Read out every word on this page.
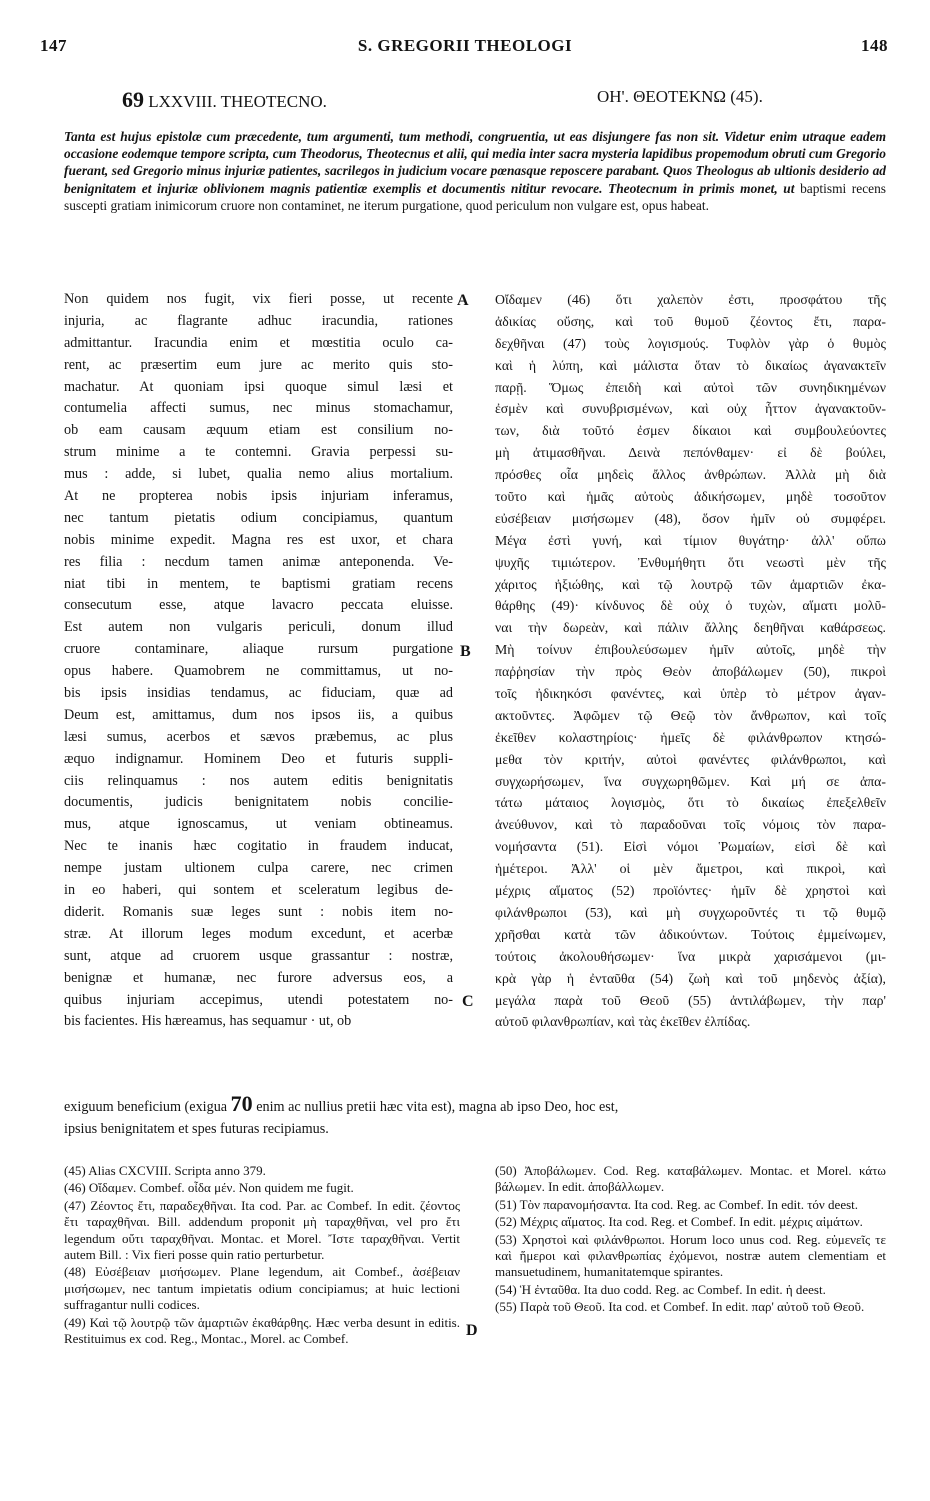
147	S. GREGORII THEOLOGI	148
69 LXXVIII. THEOTECNO.	ΟΗ'. ΘΕΟΤΕΚΝΩ (45).
Tanta est hujus epistolæ cum præcedente, tum argumenti, tum methodi, congruentia, ut eas disjungere fas non sit. Videtur enim utraque eadem occasione eodemque tempore scripta, cum Theodorus, Theotecnus et alii, qui media inter sacra mysteria lapidibus propemodum obruti cum Gregorio fuerant, sed Gregorio minus injuriæ patientes, sacrilegos in judicium vocare pœnasque reposcere parabant. Quos Theologus ab ultionis desiderio ad benignitatem et injuriæ oblivionem magnis patientiæ exemplis et documentis nititur revocare. Theotecnum in primis monet, ut baptismi recens suscepti gratiam inimicorum cruore non contaminet, ne iterum purgatione, quod periculum non vulgare est, opus habeat.
Non quidem nos fugit, vix fieri posse, ut recente
injuria, ac flagrante adhuc iracundia, rationes
admittantur. Iracundia enim et mœstitia oculo ca-
rent, ac præsertim eum jure ac merito quis sto-
machatur. At quoniam ipsi quoque simul læsi et
contumelia affecti sumus, nec minus stomachamur,
ob eam causam æquum etiam est consilium no-
strum minime a te contemni. Gravia perpessi su-
mus : adde, si lubet, qualia nemo alius mortalium.
At ne propterea nobis ipsis injuriam inferamus,
nec tantum pietatis odium concipiamus, quantum
nobis minime expedit. Magna res est uxor, et chara
res filia : necdum tamen animæ anteponenda. Ve-
niat tibi in mentem, te baptismi gratiam recens
consecutum esse, atque lavacro peccata eluisse.
Est autem non vulgaris periculi, donum illud
cruore contaminare, aliaque rursum purgatione
opus habere. Quamobrem ne committamus, ut no-
bis ipsis insidias tendamus, ac fiduciam, quæ ad
Deum est, amittamus, dum nos ipsos iis, a quibus
læsi sumus, acerbos et sævos præbemus, ac plus
æquo indignamur. Hominem Deo et futuris suppli-
ciis relinquamus : nos autem editis benignitatis
documentis, judicis benignitatem nobis concilie-
mus, atque ignoscamus, ut veniam obtineamus.
Nec te inanis hæc cogitatio in fraudem inducat,
nempe justam ultionem culpa carere, nec crimen
in eo haberi, qui sontem et sceleratum legibus de-
diderit. Romanis suæ leges sunt : nobis item no-
stræ. At illorum leges modum excedunt, et acerbæ
sunt, atque ad cruorem usque grassantur : nostræ,
benignæ et humanæ, nec furore adversus eos, a
quibus injuriam accepimus, utendi potestatem no-
bis facientes. His hæreamus, has sequamur · ut, ob
A
B
C
D
Οἴδαμεν (46) ὅτι χαλεπὸν ἐστι, προσφάτου τῆς
ἀδικίας οὔσης, καὶ τοῦ θυμοῦ ζέοντος ἔτι, παρα-
δεχθῆναι (47) τοὺς λογισμούς. Τυφλὸν γὰρ ὁ θυμὸς
καὶ ἡ λύπη, καὶ μάλιστα ὅταν τὸ δικαίως ἀγανακτεῖν
παρῇ. Ὅμως ἐπειδὴ καὶ αὐτοὶ τῶν συνηδικημένων
ἐσμὲν καὶ συνυβρισμένων, καὶ οὐχ ἧττον ἀγανακτοῦν-
των, διὰ τοῦτό ἐσμεν δίκαιοι καὶ συμβουλεύοντες
μὴ ἀτιμασθῆναι. Δεινὰ πεπόνθαμεν· εἰ δὲ βούλει,
πρόσθες οἷα μηδεὶς ἄλλος ἀνθρώπων. Ἀλλὰ μὴ διὰ
τοῦτο καὶ ἡμᾶς αὐτοὺς ἀδικήσωμεν, μηδὲ τοσοῦτον
εὐσέβειαν μισήσωμεν (48), ὅσον ἡμῖν οὐ συμφέρει.
Μέγα ἐστὶ γυνή, καὶ τίμιον θυγάτηρ· ἀλλ' οὔπω
ψυχῆς τιμιώτερον. Ἐνθυμήθητι ὅτι νεωστὶ μὲν τῆς
χάριτος ἠξιώθης, καὶ τῷ λουτρῷ τῶν ἁμαρτιῶν ἐκα-
θάρθης (49)· κίνδυνος δὲ οὐχ ὁ τυχὼν, αἵματι μολῦ-
ναι τὴν δωρεὰν, καὶ πάλιν ἄλλης δεηθῆναι καθάρσεως.
Μὴ τοίνυν ἐπιβουλεύσωμεν ἡμῖν αὐτοῖς, μηδὲ τὴν
παῤῥησίαν τὴν πρὸς Θεὸν ἀποβάλωμεν (50), πικροὶ
τοῖς ἠδικηκόσι φανέντες, καὶ ὑπὲρ τὸ μέτρον ἀγαν-
ακτοῦντες. Ἀφῶμεν τῷ Θεῷ τὸν ἄνθρωπον, καὶ τοῖς
ἐκεῖθεν κολαστηρίοις· ἡμεῖς δὲ φιλάνθρωπον κτησώ-
μεθα τὸν κριτήν, αὐτοὶ φανέντες φιλάνθρωποι, καὶ
συγχωρήσωμεν, ἵνα συγχωρηθῶμεν. Καὶ μή σε ἀπα-
τάτω μάταιος λογισμὸς, ὅτι τὸ δικαίως ἐπεξελθεῖν
ἀνεύθυνον, καὶ τὸ παραδοῦναι τοῖς νόμοις τὸν παρα-
νομήσαντα (51). Εἰσὶ νόμοι Ῥωμαίων, εἰσὶ δὲ καὶ
ἡμέτεροι. Ἀλλ' οἱ μὲν ἄμετροι, καὶ πικροὶ, καὶ
μέχρις αἵματος (52) προϊόντες· ἡμῖν δὲ χρηστοὶ καὶ
φιλάνθρωποι (53), καὶ μὴ συγχωροῦντές τι τῷ θυμῷ
χρῆσθαι κατὰ τῶν ἀδικούντων. Τούτοις ἐμμείνωμεν,
τούτοις ἀκολουθήσωμεν· ἵνα μικρὰ χαρισάμενοι (μι-
κρὰ γὰρ ἡ ἐνταῦθα (54) ζωὴ καὶ τοῦ μηδενὸς ἀξία),
μεγάλα παρὰ τοῦ Θεοῦ (55) ἀντιλάβωμεν, τὴν παρ'
αὐτοῦ φιλανθρωπίαν, καὶ τὰς ἐκεῖθεν ἐλπίδας.
exiguum beneficium (exigua 70 enim ac nullius pretii hæc vita est), magna ab ipso Deo, hoc est,
ipsius benignitatem et spes futuras recipiamus.

(45) Alias CXCVIII. Scripta anno 379.

(46) Οἴδαμεν. Combef. οἶδα μέν. Non quidem me fugit.

(47) Ζέοντος ἔτι, παραδεχθῆναι. Ita cod. Par. ac Combef. In edit. ζέοντος ἔτι ταραχθῆναι. Bill. addendum proponit μὴ ταραχθῆναι, vel pro ἔτι legendum οὔτι ταραχθῆναι. Montac. et Morel. Ἴστε ταραχθῆναι. Vertit autem Bill. : Vix fieri posse quin ratio perturbetur.

(48) Εὐσέβειαν μισήσωμεν. Plane legendum, ait Combef., ἀσέβειαν μισήσωμεν, nec tantum impietatis odium concipiamus; at huic lectioni suffragantur nulli codices.

(49) Καὶ τῷ λουτρῷ τῶν ἁμαρτιῶν ἐκαθάρθης. Hæc verba desunt in editis. Restituimus ex cod. Reg., Montac., Morel. ac Combef.

(50) Ἀποβάλωμεν. Cod. Reg. καταβάλωμεν. Montac. et Morel. κάτω βάλωμεν. In edit. ἀποβάλλωμεν.

(51) Τὸν παρανομήσαντα. Ita cod. Reg. ac Combef. In edit. τόν deest.

(52) Μέχρις αἵματος. Ita cod. Reg. et Combef. In edit. μέχρις αἱμάτων.

(53) Χρηστοὶ καὶ φιλάνθρωποι. Horum loco unus cod. Reg. εὐμενεῖς τε καὶ ἥμεροι καὶ φιλανθρωπίας ἐχόμενοι, nostræ autem clementiam et mansuetudinem, humanitatemque spirantes.

(54) Ἡ ἐνταῦθα. Ita duo codd. Reg. ac Combef. In edit. ἡ deest.

(55) Παρὰ τοῦ Θεοῦ. Ita cod. et Combef. In edit. παρ' αὐτοῦ τοῦ Θεοῦ.
